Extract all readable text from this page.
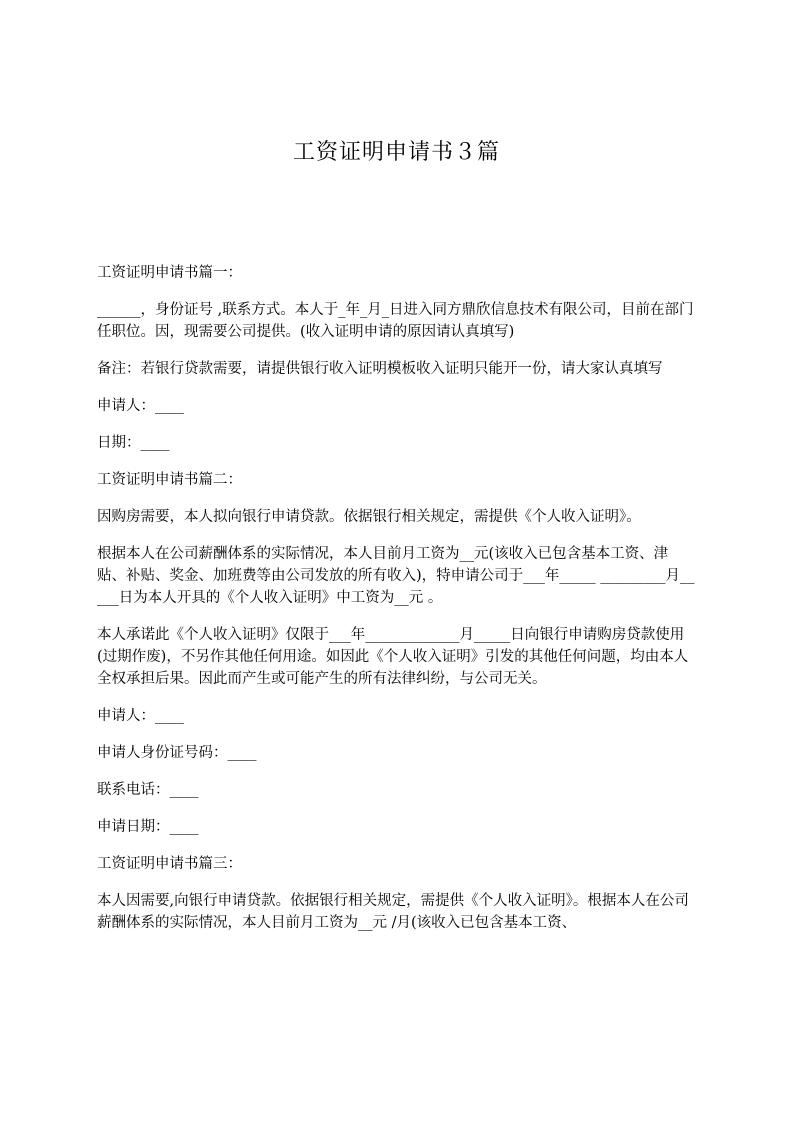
工资证明申请书３篇

工资证明申请书篇一：

______，身份证号 ,联系方式。本人于_年_月_日进入同方鼎欣信息技术有限公司，目前在部门任职位。因，现需要公司提供。(收入证明申请的原因请认真填写)

备注：若银行贷款需要，请提供银行收入证明模板收入证明只能开一份，请大家认真填写

申请人：____

日期：____

工资证明申请书篇二：

因购房需要，本人拟向银行申请贷款。依据银行相关规定，需提供《个人收入证明》。

根据本人在公司薪酬体系的实际情况，本人目前月工资为__元(该收入已包含基本工资、津贴、补贴、奖金、加班费等由公司发放的所有收入)，特申请公司于___年_____ _________月_____日为本人开具的《个人收入证明》中工资为__元 。

本人承诺此《个人收入证明》仅限于___年_____________月_____日向银行申请购房贷款使用(过期作废)，不另作其他任何用途。如因此《个人收入证明》引发的其他任何问题，均由本人全权承担后果。因此而产生或可能产生的所有法律纠纷，与公司无关。

申请人：____

申请人身份证号码：____

联系电话：____

申请日期：____

工资证明申请书篇三：

本人因需要,向银行申请贷款。依据银行相关规定，需提供《个人收入证明》。根据本人在公司薪酬体系的实际情况，本人目前月工资为__元 /月(该收入已包含基本工资、
